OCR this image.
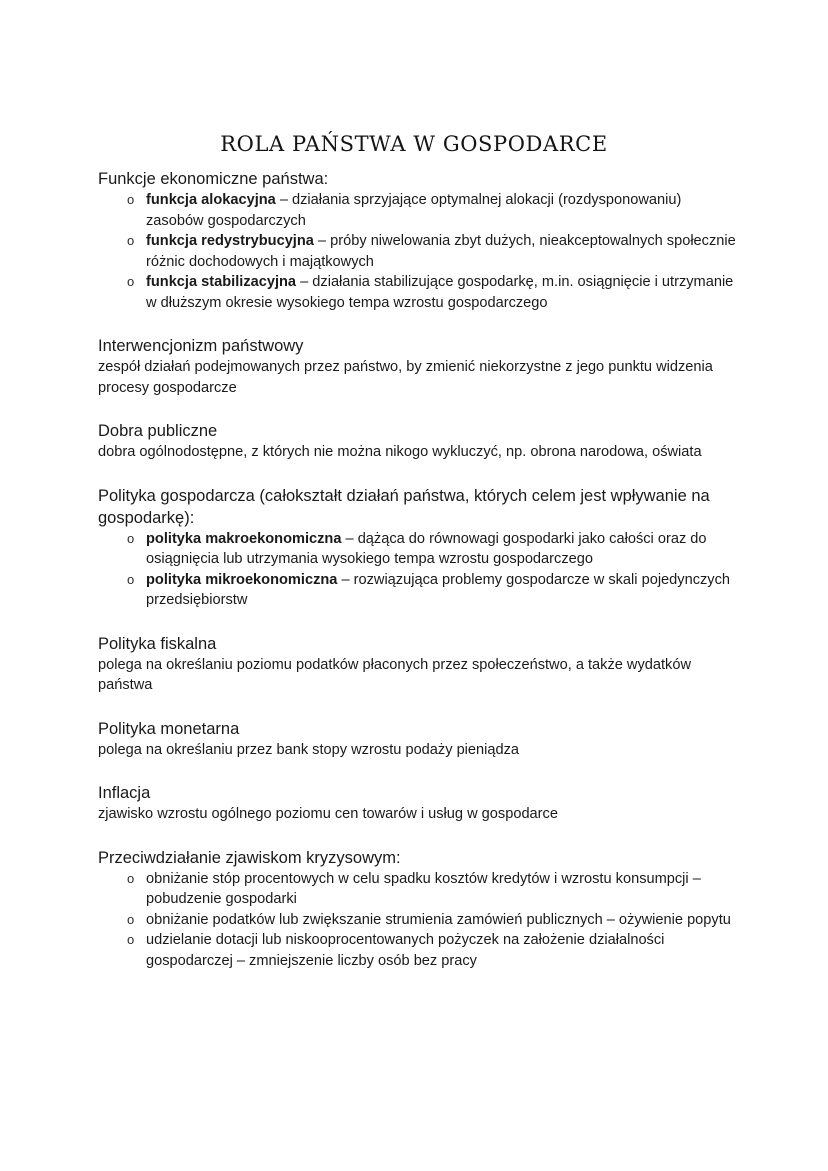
ROLA PAŃSTWA W GOSPODARCE

Funkcje ekonomiczne państwa:

o funkcja alokacyjna – działania sprzyjające optymalnej alokacji (rozdysponowaniu) zasobów gospodarczych
o funkcja redystrybucyjna – próby niwelowania zbyt dużych, nieakceptowalnych społecznie różnic dochodowych i majątkowych
o funkcja stabilizacyjna – działania stabilizujące gospodarkę, m.in. osiągnięcie i utrzymanie w dłuższym okresie wysokiego tempa wzrostu gospodarczego

Interwencjonizm państwowy

zespół działań podejmowanych przez państwo, by zmienić niekorzystne z jego punktu widzenia procesy gospodarcze

Dobra publiczne

dobra ogólnodostępne, z których nie można nikogo wykluczyć, np. obrona narodowa, oświata

Polityka gospodarcza (całokształt działań państwa, których celem jest wpływanie na gospodarkę):

o polityka makroekonomiczna – dążąca do równowagi gospodarki jako całości oraz do osiągnięcia lub utrzymania wysokiego tempa wzrostu gospodarczego
o polityka mikroekonomiczna – rozwiązująca problemy gospodarcze w skali pojedynczych przedsiębiorstw

Polityka fiskalna

polega na określaniu poziomu podatków płaconych przez społeczeństwo, a także wydatków państwa

Polityka monetarna

polega na określaniu przez bank stopy wzrostu podaży pieniądza

Inflacja

zjawisko wzrostu ogólnego poziomu cen towarów i usług w gospodarce

Przeciwdziałanie zjawiskom kryzysowym:

o obniżanie stóp procentowych w celu spadku kosztów kredytów i wzrostu konsumpcji – pobudzenie gospodarki
o obniżanie podatków lub zwiększanie strumienia zamówień publicznych – ożywienie popytu
o udzielanie dotacji lub niskooprocentowanych pożyczek na założenie działalności gospodarczej – zmniejszenie liczby osób bez pracy
